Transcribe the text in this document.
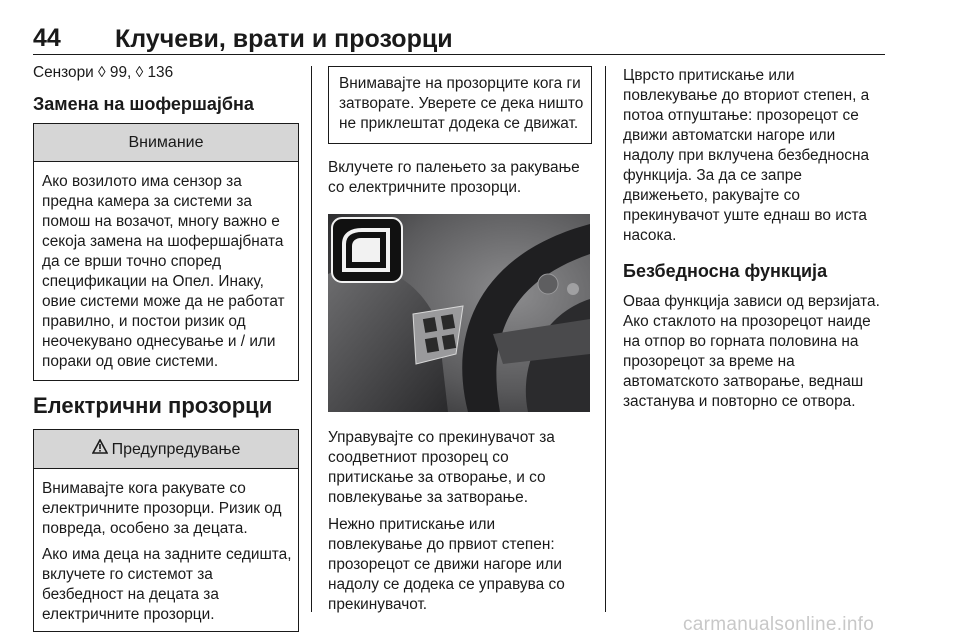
44 Клучеви, врати и прозорци

Сензори ◊ 99, ◊ 136

Замена на шофершајбна
Внимание

Ако возилото има сензор за предна камера за системи за помош на возачот, многу важно е секоја замена на шофершајбната да се врши точно според спецификации на Опел. Инаку, овие системи може да не работат правилно, и постои ризик од неочекувано однесување и / или пораки од овие системи.

Електрични прозорци
Предупредување

Внимавајте кога ракувате со електричните прозорци. Ризик од повреда, особено за децата.

Ако има деца на задните седишта, вклучете го системот за безбедност на децата за електричните прозорци.

Внимавајте на прозорците кога ги затворате. Уверете се дека ништо не приклештат додека се движат.

Вклучете го палењето за ракување со електричните прозорци.

Управувајте со прекинувачот за соодветниот прозорец со притискање за отворање, и со повлекување за затворање.

Нежно притискање или повлекување до првиот степен: прозорецот се движи нагоре или надолу се додека се управува со прекинувачот.

Цврсто притискање или повлекување до вториот степен, а потоа отпуштање: прозорецот се движи автоматски нагоре или надолу при вклучена безбедносна функција. За да се запре движењето, ракувајте со прекинувачот уште еднаш во иста насока.

Безбедносна функција

Оваа функција зависи од верзијата. Ако стаклото на прозорецот наиде на отпор во горната половина на прозорецот за време на автоматското затворање, веднаш застанува и повторно се отвора.

carmanualsonline.info
